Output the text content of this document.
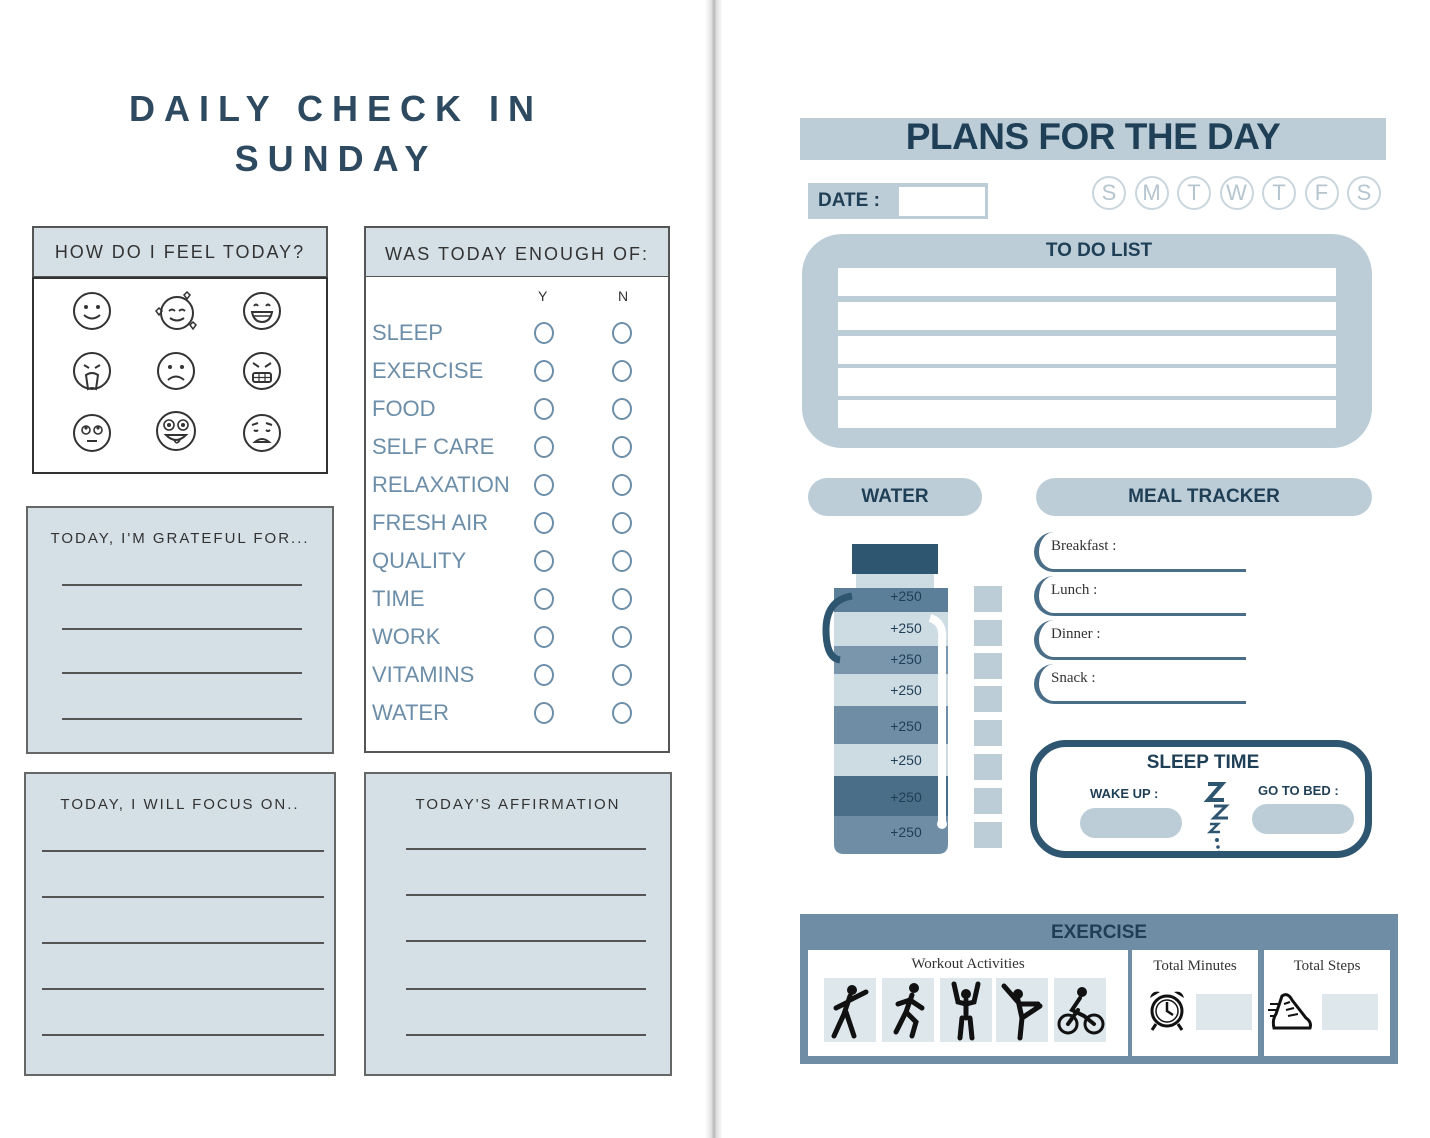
DAILY CHECK IN
SUNDAY
HOW DO I FEEL TODAY?	WAS TODAY ENOUGH OF:
Y	N
SLEEP
EXERCISE
FOOD
SELF CARE
RELAXATION
FRESH AIR
QUALITY
TIME
WORK
VITAMINS
WATER
TODAY, I'M GRATEFUL FOR...
TODAY, I WILL FOCUS ON..	TODAY'S AFFIRMATION
PLANS FOR THE DAY
DATE :	S	M	T	W	T	F	S
TO DO LIST
WATER
+250
+250
+250
+250
+250
+250
+250
+250
MEAL TRACKER
Breakfast :
Lunch :
Dinner :
Snack :
SLEEP TIME
WAKE UP :	GO TO BED :
EXERCISE
Workout Activities	Total Minutes	Total Steps
